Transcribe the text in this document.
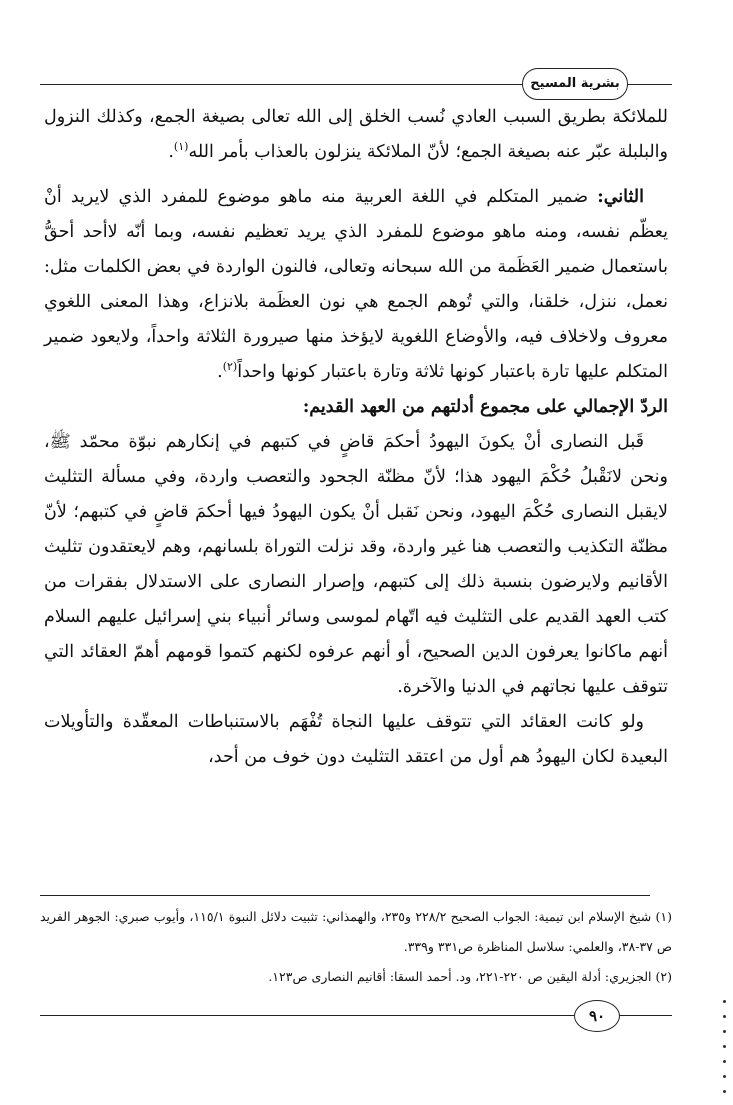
بشرية المسيح

للملائكة بطريق السبب العادي نُسب الخلق إلى الله تعالى بصيغة الجمع، وكذلك النزول والبلبلة عبّر عنه بصيغة الجمع؛ لأنّ الملائكة ينزلون بالعذاب بأمر الله$^{(١)}$.

الثاني: ضمير المتكلم في اللغة العربية منه ماهو موضوع للمفرد الذي لايريد أنْ يعظّم نفسه، ومنه ماهو موضوع للمفرد الذي يريد تعظيم نفسه، وبما أنّه لاأحد أحقُّ باستعمال ضمير العَظَمة من الله سبحانه وتعالى، فالنون الواردة في بعض الكلمات مثل: نعمل، ننزل، خلقنا، والتي تُوهم الجمع هي نون العظَمة بلانزاع، وهذا المعنى اللغوي معروف ولاخلاف فيه، والأوضاع اللغوية لايؤخذ منها صيرورة الثلاثة واحداً، ولايعود ضمير المتكلم عليها تارة باعتبار كونها ثلاثة وتارة باعتبار كونها واحداً$^{(٢)}$.

الردّ الإجمالي على مجموع أدلتهم من العهد القديم:

قَبل النصارى أنْ يكونَ اليهودُ أحكمَ قاضٍ في كتبهم في إنكارهم نبوّة محمّد ﷺ، ونحن لانَقْبلُ حُكْمَ اليهود هذا؛ لأنّ مظنّة الجحود والتعصب واردة، وفي مسألة التثليث لايقبل النصارى حُكْمَ اليهود، ونحن نَقبل أنْ يكون اليهودُ فيها أحكمَ قاضٍ في كتبهم؛ لأنّ مظنّة التكذيب والتعصب هنا غير واردة، وقد نزلت التوراة بلسانهم، وهم لايعتقدون تثليث الأقانيم ولايرضون بنسبة ذلك إلى كتبهم، وإصرار النصارى على الاستدلال بفقرات من كتب العهد القديم على التثليث فيه اتّهام لموسى وسائر أنبياء بني إسرائيل عليهم السلام أنهم ماكانوا يعرفون الدين الصحيح، أو أنهم عرفوه لكنهم كتموا قومهم أهمّ العقائد التي تتوقف عليها نجاتهم في الدنيا والآخرة.

ولو كانت العقائد التي تتوقف عليها النجاة تُفْهَم بالاستنباطات المعقّدة والتأويلات البعيدة لكان اليهودُ هم أول من اعتقد التثليث دون خوف من أحد،

(١) شيخ الإسلام ابن تيمية: الجواب الصحيح ٢٢٨/٢ و٢٣٥، والهمذاني: تثبيت دلائل النبوة ١١٥/١، وأيوب صبري: الجوهر الفريد ص ٣٧-٣٨، والعلمي: سلاسل المناظرة ص٣٣١ و٣٣٩.

(٢) الجزيري: أدلة اليقين ص ٢٢٠-٢٢١، ود. أحمد السقا: أقانيم النصارى ص١٢٣.

٩٠
